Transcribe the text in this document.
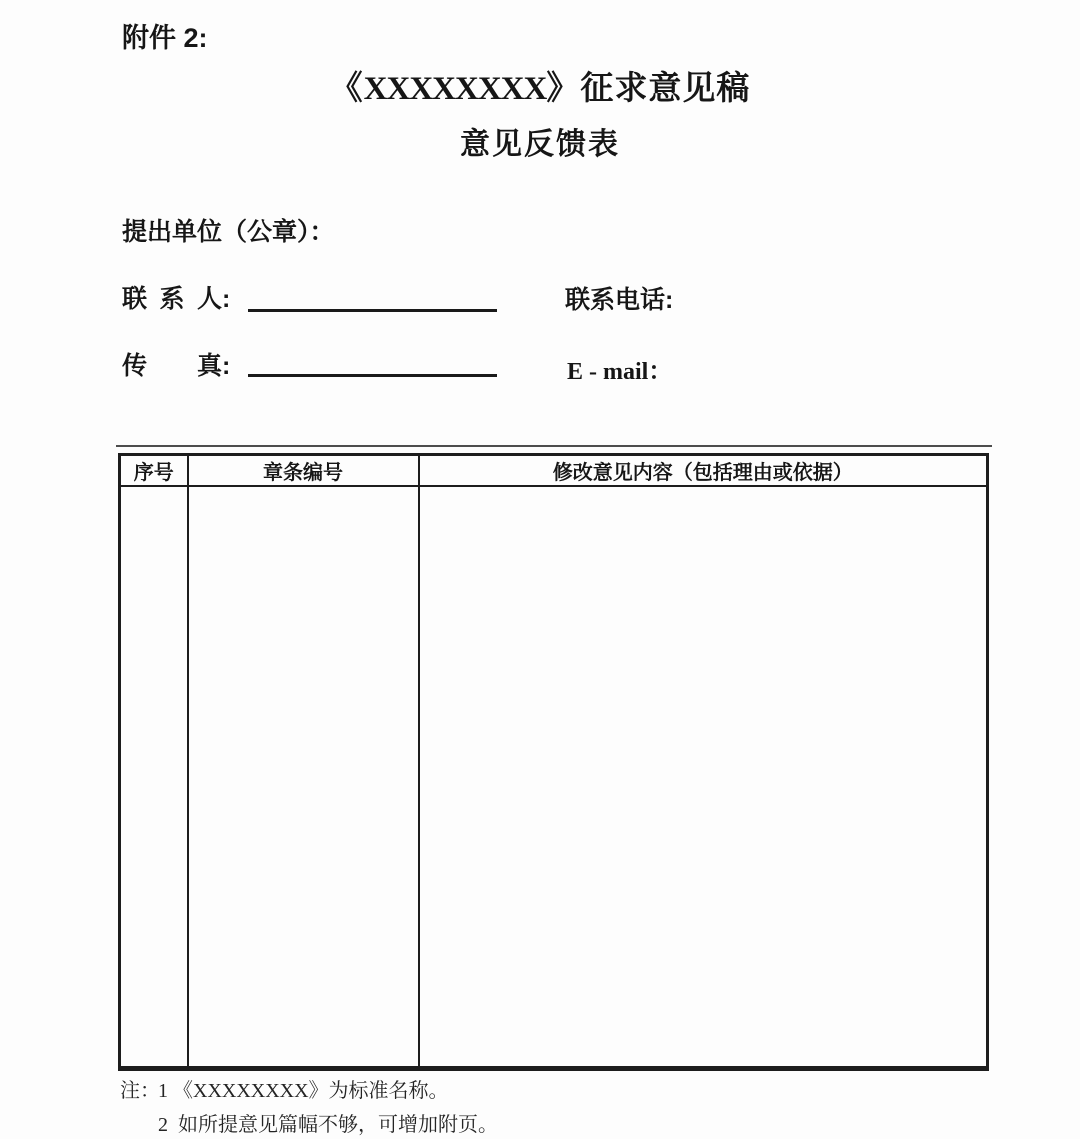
附件 2:
《XXXXXXXX》征求意见稿
意见反馈表
提出单位（公章）：
联 系 人:	联系电话:
传  真:	E - mail：
序号	章条编号	修改意见内容（包括理由或依据）

注：
1 《XXXXXXXX》为标准名称。
2  如所提意见篇幅不够，可增加附页。
